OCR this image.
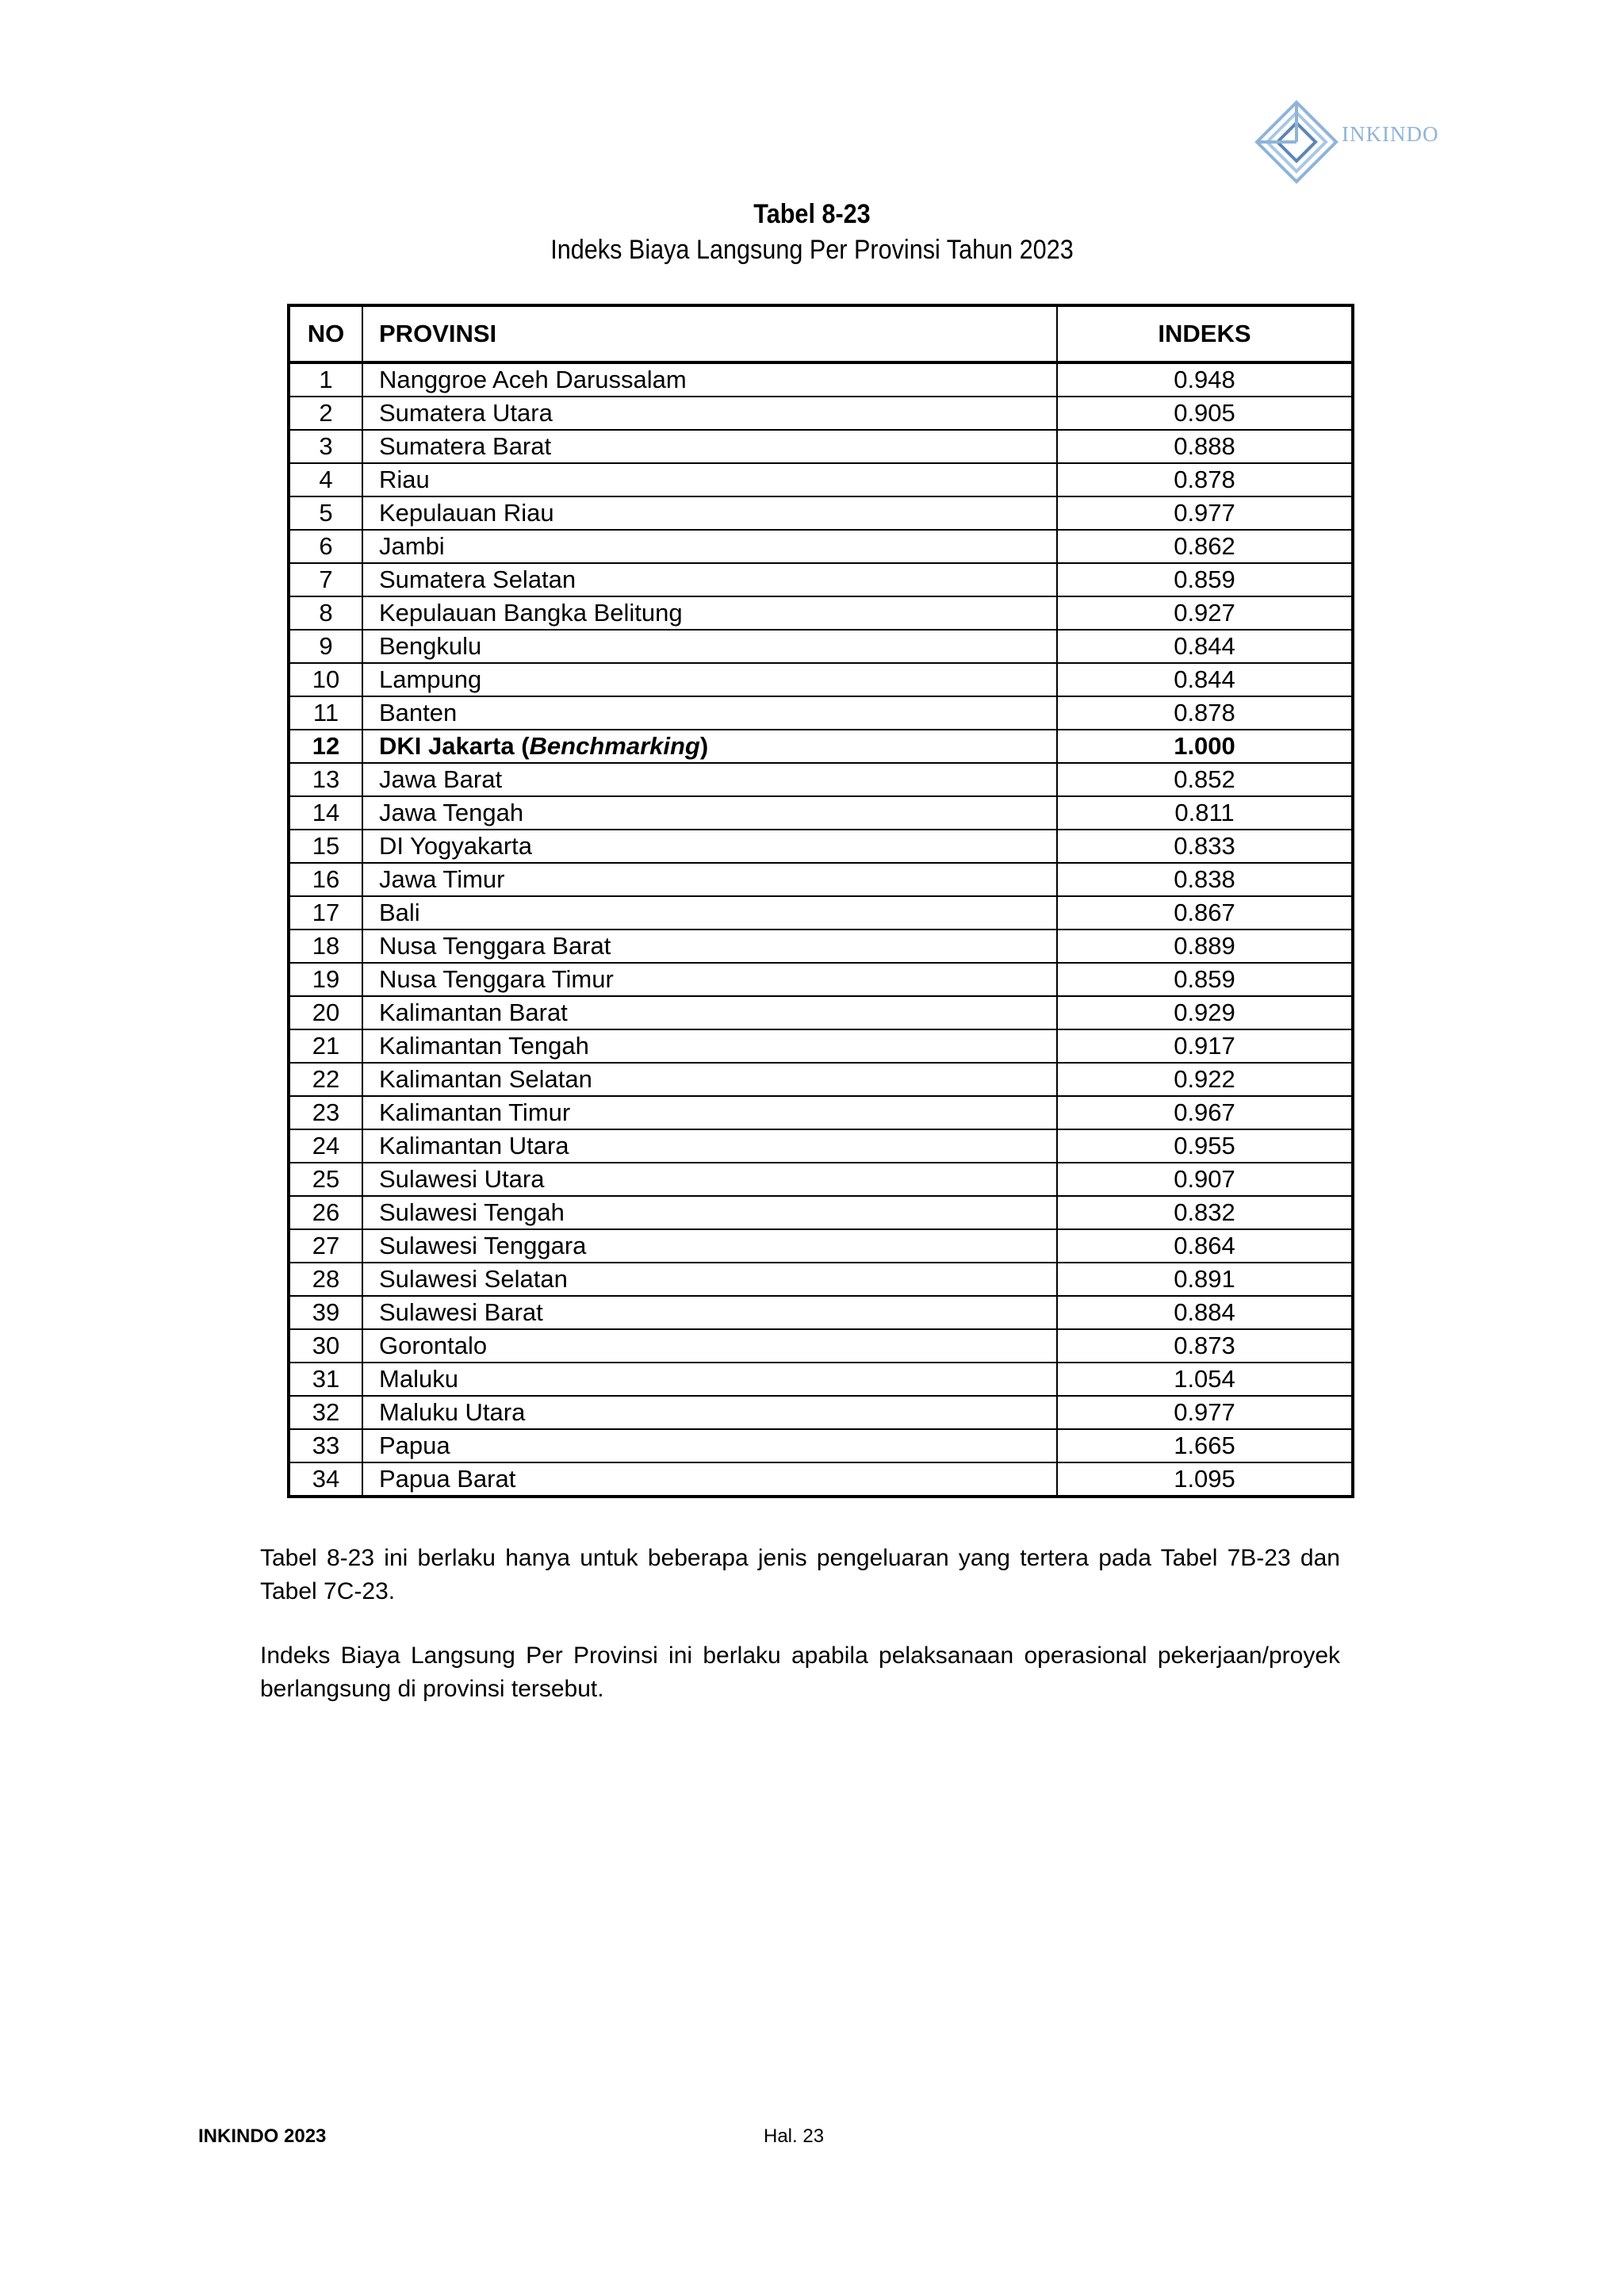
INKINDO
Tabel 8-23
Indeks Biaya Langsung Per Provinsi Tahun 2023
NO	PROVINSI	INDEKS
1	Nanggroe Aceh Darussalam	0.948
2	Sumatera Utara	0.905
3	Sumatera Barat	0.888
4	Riau	0.878
5	Kepulauan Riau	0.977
6	Jambi	0.862
7	Sumatera Selatan	0.859
8	Kepulauan Bangka Belitung	0.927
9	Bengkulu	0.844
10	Lampung	0.844
11	Banten	0.878
12	DKI Jakarta (Benchmarking)	1.000
13	Jawa Barat	0.852
14	Jawa Tengah	0.811
15	DI Yogyakarta	0.833
16	Jawa Timur	0.838
17	Bali	0.867
18	Nusa Tenggara Barat	0.889
19	Nusa Tenggara Timur	0.859
20	Kalimantan Barat	0.929
21	Kalimantan Tengah	0.917
22	Kalimantan Selatan	0.922
23	Kalimantan Timur	0.967
24	Kalimantan Utara	0.955
25	Sulawesi Utara	0.907
26	Sulawesi Tengah	0.832
27	Sulawesi Tenggara	0.864
28	Sulawesi Selatan	0.891
39	Sulawesi Barat	0.884
30	Gorontalo	0.873
31	Maluku	1.054
32	Maluku Utara	0.977
33	Papua	1.665
34	Papua Barat	1.095
Tabel 8-23 ini berlaku hanya untuk beberapa jenis pengeluaran yang tertera pada Tabel 7B-23 dan Tabel 7C-23.
Indeks Biaya Langsung Per Provinsi ini berlaku apabila pelaksanaan operasional pekerjaan/proyek berlangsung di provinsi tersebut.
INKINDO 2023	Hal. 23
